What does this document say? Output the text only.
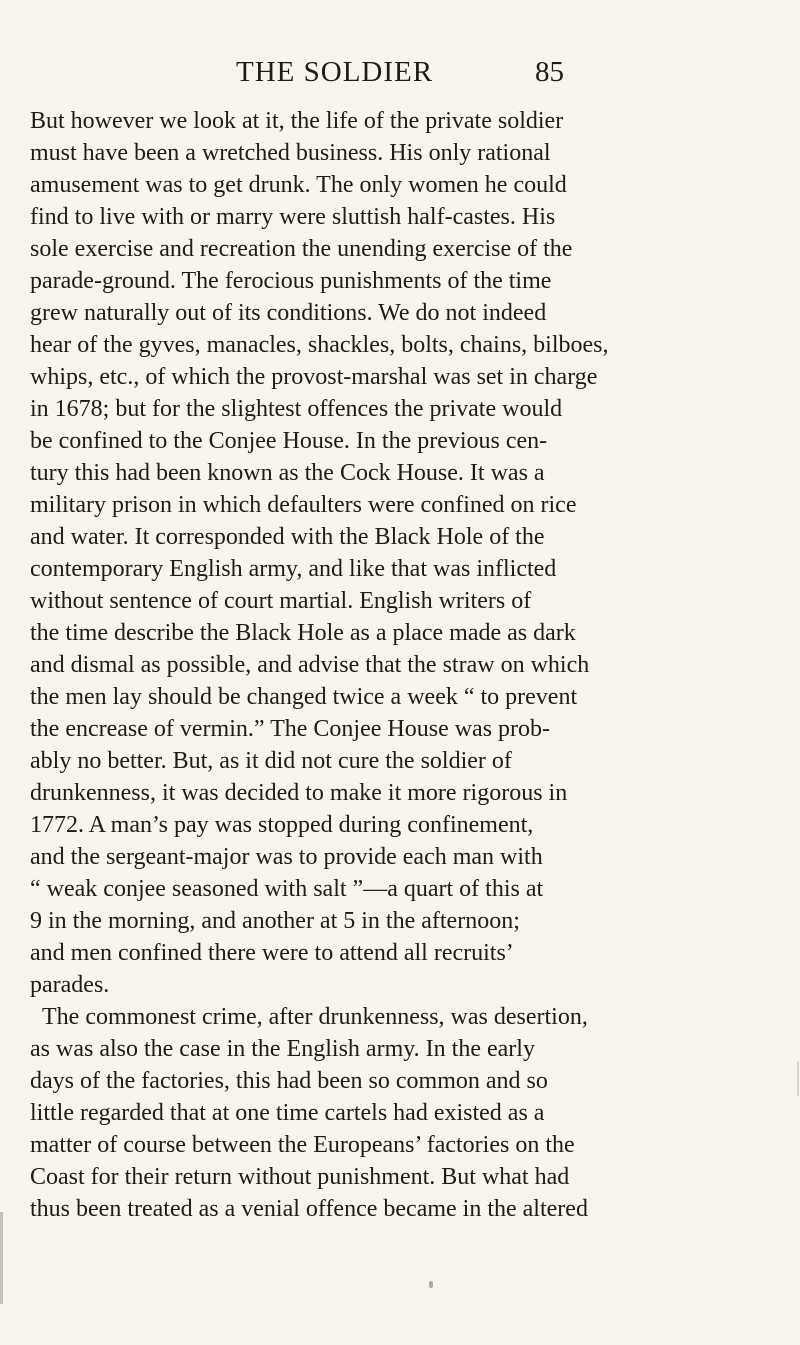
THE SOLDIER	85
But however we look at it, the life of the private soldier
must have been a wretched business. His only rational
amusement was to get drunk. The only women he could
find to live with or marry were sluttish half-castes. His
sole exercise and recreation the unending exercise of the
parade-ground. The ferocious punishments of the time
grew naturally out of its conditions. We do not indeed
hear of the gyves, manacles, shackles, bolts, chains, bilboes,
whips, etc., of which the provost-marshal was set in charge
in 1678; but for the slightest offences the private would
be confined to the Conjee House. In the previous cen-
tury this had been known as the Cock House. It was a
military prison in which defaulters were confined on rice
and water. It corresponded with the Black Hole of the
contemporary English army, and like that was inflicted
without sentence of court martial. English writers of
the time describe the Black Hole as a place made as dark
and dismal as possible, and advise that the straw on which
the men lay should be changed twice a week “ to prevent
the encrease of vermin.” The Conjee House was prob-
ably no better. But, as it did not cure the soldier of
drunkenness, it was decided to make it more rigorous in
1772. A man’s pay was stopped during confinement,
and the sergeant-major was to provide each man with
“ weak conjee seasoned with salt ”—a quart of this at
9 in the morning, and another at 5 in the afternoon;
and men confined there were to attend all recruits’
parades.
The commonest crime, after drunkenness, was desertion,
as was also the case in the English army. In the early
days of the factories, this had been so common and so
little regarded that at one time cartels had existed as a
matter of course between the Europeans’ factories on the
Coast for their return without punishment. But what had
thus been treated as a venial offence became in the altered
